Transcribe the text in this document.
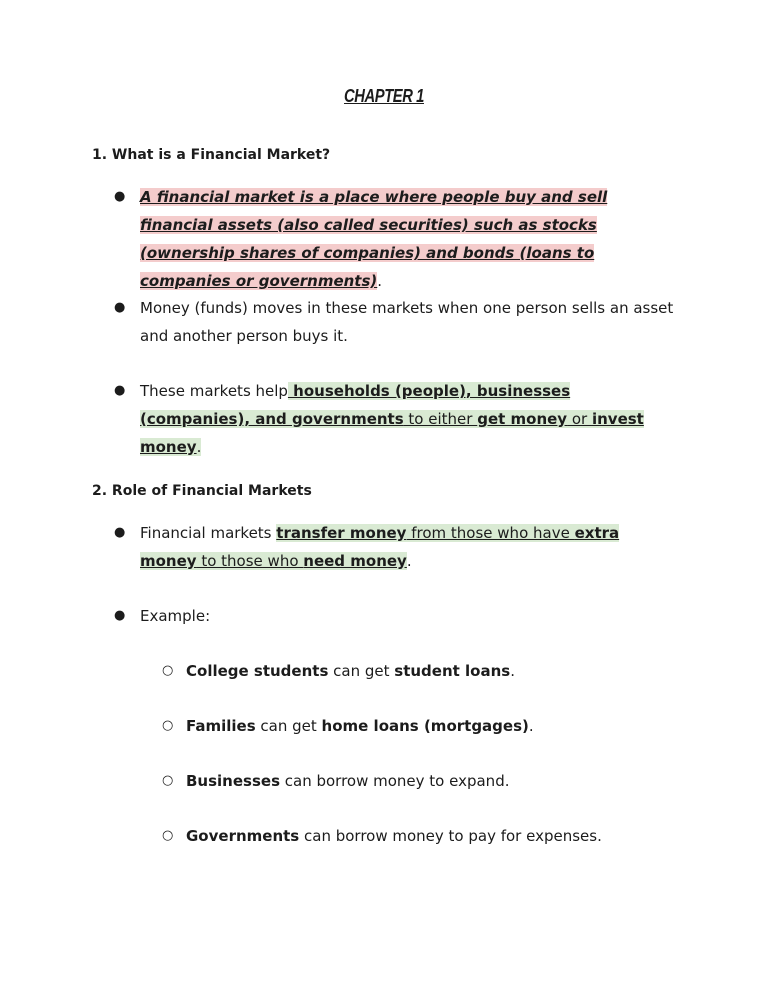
CHAPTER 1
1. What is a Financial Market?
● A financial market is a place where people buy and sell financial assets (also called securities) such as stocks (ownership shares of companies) and bonds (loans to companies or governments).
● Money (funds) moves in these markets when one person sells an asset and another person buys it.
● These markets help households (people), businesses (companies), and governments to either get money or invest money.
2. Role of Financial Markets
● Financial markets transfer money from those who have extra money to those who need money.
● Example:
○ College students can get student loans.
○ Families can get home loans (mortgages).
○ Businesses can borrow money to expand.
○ Governments can borrow money to pay for expenses.
